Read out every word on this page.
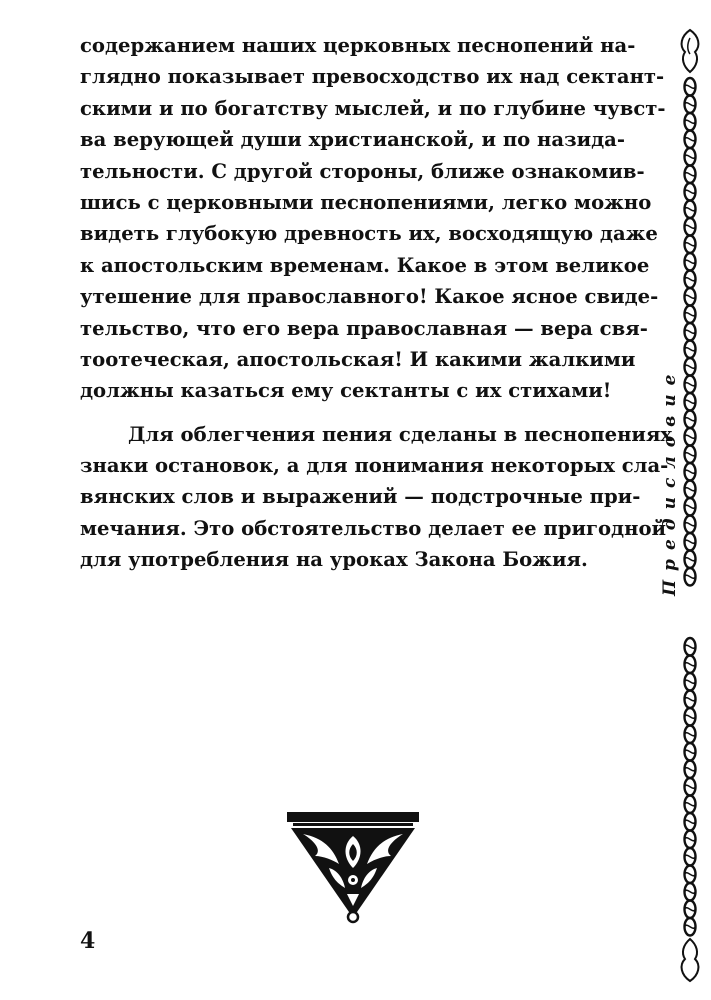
содержанием наших церковных песнопений на-
глядно показывает превосходство их над сектант-
скими и по богатству мыслей, и по глубине чувст-
ва верующей души христианской, и по назида-
тельности. С другой стороны, ближе ознакомив-
шись с церковными песнопениями, легко можно
видеть глубокую древность их, восходящую даже
к апостольским временам. Какое в этом великое
утешение для православного! Какое ясное свиде-
тельство, что его вера православная — вера свя-
тоотеческая, апостольская! И какими жалкими
должны казаться ему сектанты с их стихами!
Для облегчения пения сделаны в песнопениях
знаки остановок, а для понимания некоторых сла-
вянских слов и выражений — подстрочные при-
мечания. Это обстоятельство делает ее пригодной
для употребления на уроках Закона Божия.	Предисловие
4
